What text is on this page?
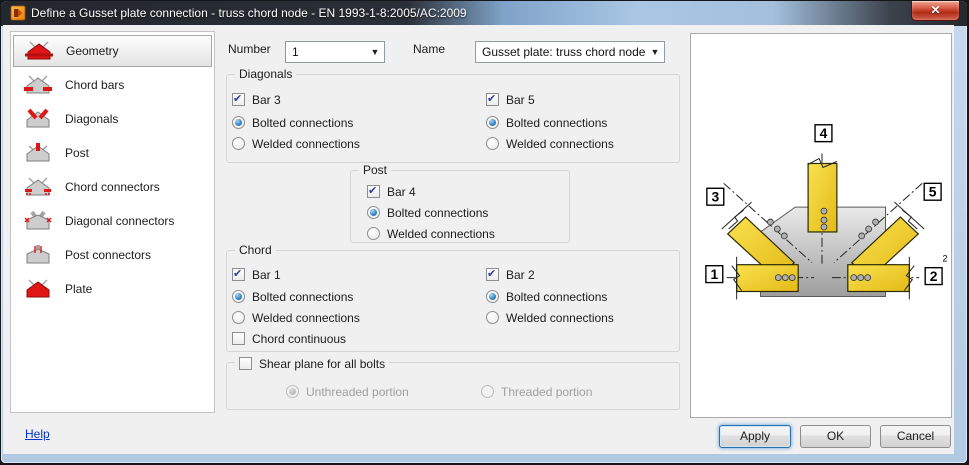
Define a Gusset plate connection - truss chord node - EN 1993-1-8:2005/AC:2009	✕
Geometry
Chord bars
Diagonals
Post
Chord connectors
Diagonal connectors
Post connectors
Plate
Number	1	▼	Name	Gusset plate: truss chord node ▼
Diagonals
✔
Bar 3
Bolted connections
Welded connections
✔
Bar 5
Bolted connections
Welded connections
Post
✔
Bar 4
Bolted connections
Welded connections
Chord
✔
Bar 1
Bolted connections
Welded connections
✔
Bar 2
Bolted connections
Welded connections
Chord continuous
Shear plane for all bolts
Unthreaded portion	Threaded portion
4
3	5
1	2
2
Help	Apply	OK	Cancel
